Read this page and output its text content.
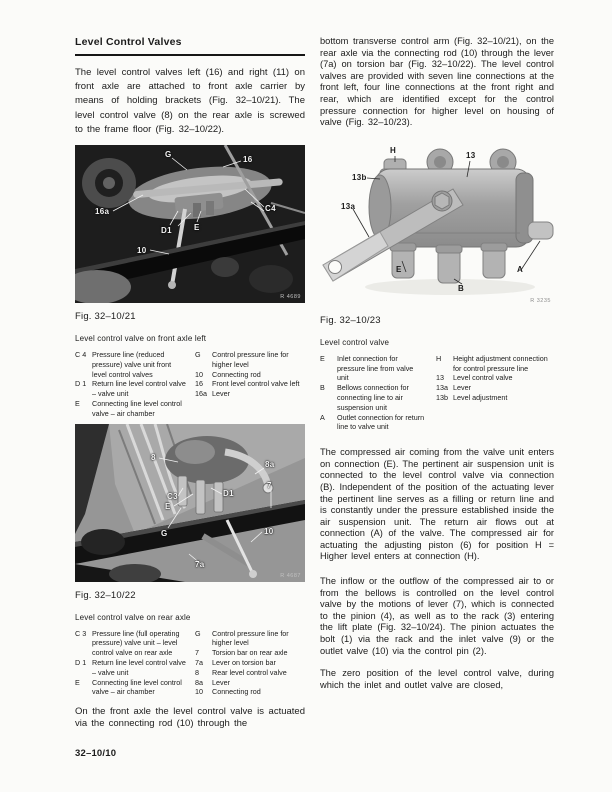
Level Control Valves

The level control valves left (16) and right (11) on front axle are attached to front axle carrier by means of holding brackets (Fig. 32–10/21). The level control valve (8) on the rear axle is screwed to the frame floor (Fig. 32–10/22).

G
16
16a	C4
D1	E
10
R 4689
Fig. 32–10/21
Level control valve on front axle left
C 4 Pressure line (reduced pressure) valve unit front level control valves
D 1 Return line level control valve – valve unit
E	Connecting line level control valve – air chamber
G	Control pressure line for higher level
10	Connecting rod
16	Front level control valve left
16a Lever
8
8a
7
C3	D1
E
G	10
7a
R 4687
Fig. 32–10/22
Level control valve on rear axle
C 3 Pressure line (full operating pressure) valve unit – level control valve on rear axle
D 1 Return line level control valve – valve unit
E	Connecting line level control valve – air chamber
G	Control pressure line for higher level
7	Torsion bar on rear axle
7a	Lever on torsion bar
8	Rear level control valve
8a	Lever
10	Connecting rod

On the front axle the level control valve is actuated via the connecting rod (10) through the

bottom transverse control arm (Fig. 32–10/21), on the rear axle via the connecting rod (10) through the lever (7a) on torsion bar (Fig. 32–10/22). The level control valves are provided with seven line connections at the front left, four line connections at the front right and rear, which are identified except for the control pressure connection for higher level on housing of valve (Fig. 32–10/23).

H
13
13b
13a
E
B
A
R 3235
Fig. 32–10/23
Level control valve
E	Inlet connection for pressure line from valve unit
B	Bellows connection for connecting line to air suspension unit
A	Outlet connection for return line to valve unit
H	Height adjustment connection for control pressure line
13	Level control valve
13a Lever
13b Level adjustment

The compressed air coming from the valve unit enters on connection (E). The pertinent air suspension unit is connected to the level control valve via connection (B). Independent of the position of the actuating lever the pertinent line serves as a filling or return line and is constantly under the pressure established inside the air suspension unit. The return air flows out at connection (A) of the valve. The compressed air for actuating the adjusting piston (6) for position H = Higher level enters at connection (H).

The inflow or the outflow of the compressed air to or from the bellows is controlled on the level control valve by the motions of lever (7), which is connected to the pinion (4), as well as to the rack (3) entering the lift plate (Fig. 32–10/24). The pinion actuates the bolt (1) via the rack and the inlet valve (9) or the outlet valve (10) via the control pin (2).

The zero position of the level control valve, during which the inlet and outlet valve are closed,

32–10/10
